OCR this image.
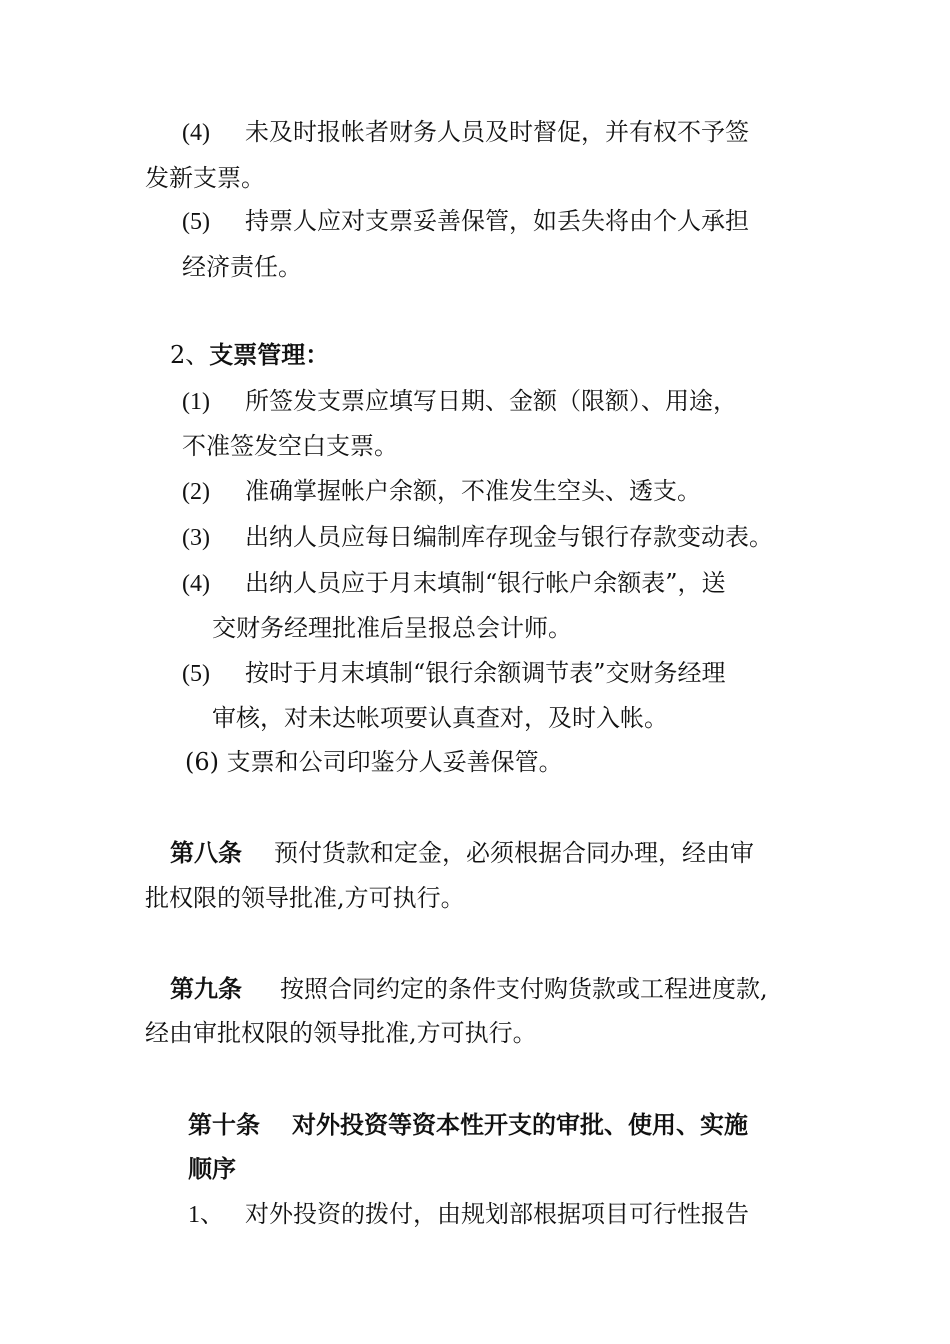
(4) 未及时报帐者财务人员及时督促，并有权不予签
发新支票。
(5) 持票人应对支票妥善保管，如丢失将由个人承担
经济责任。
2、支票管理：
(1) 所签发支票应填写日期、金额（限额）、用途，
不准签发空白支票。
(2) 准确掌握帐户余额，不准发生空头、透支。
(3) 出纳人员应每日编制库存现金与银行存款变动表。
(4) 出纳人员应于月末填制“银行帐户余额表”，送
交财务经理批准后呈报总会计师。
(5) 按时于月末填制“银行余额调节表”交财务经理
审核，对未达帐项要认真查对，及时入帐。
(6) 支票和公司印鉴分人妥善保管。
第八条 预付货款和定金，必须根据合同办理，经由审
批权限的领导批准,方可执行。
第九条 按照合同约定的条件支付购货款或工程进度款,
经由审批权限的领导批准,方可执行。
第十条 对外投资等资本性开支的审批、使用、实施
顺序
1、 对外投资的拨付，由规划部根据项目可行性报告
